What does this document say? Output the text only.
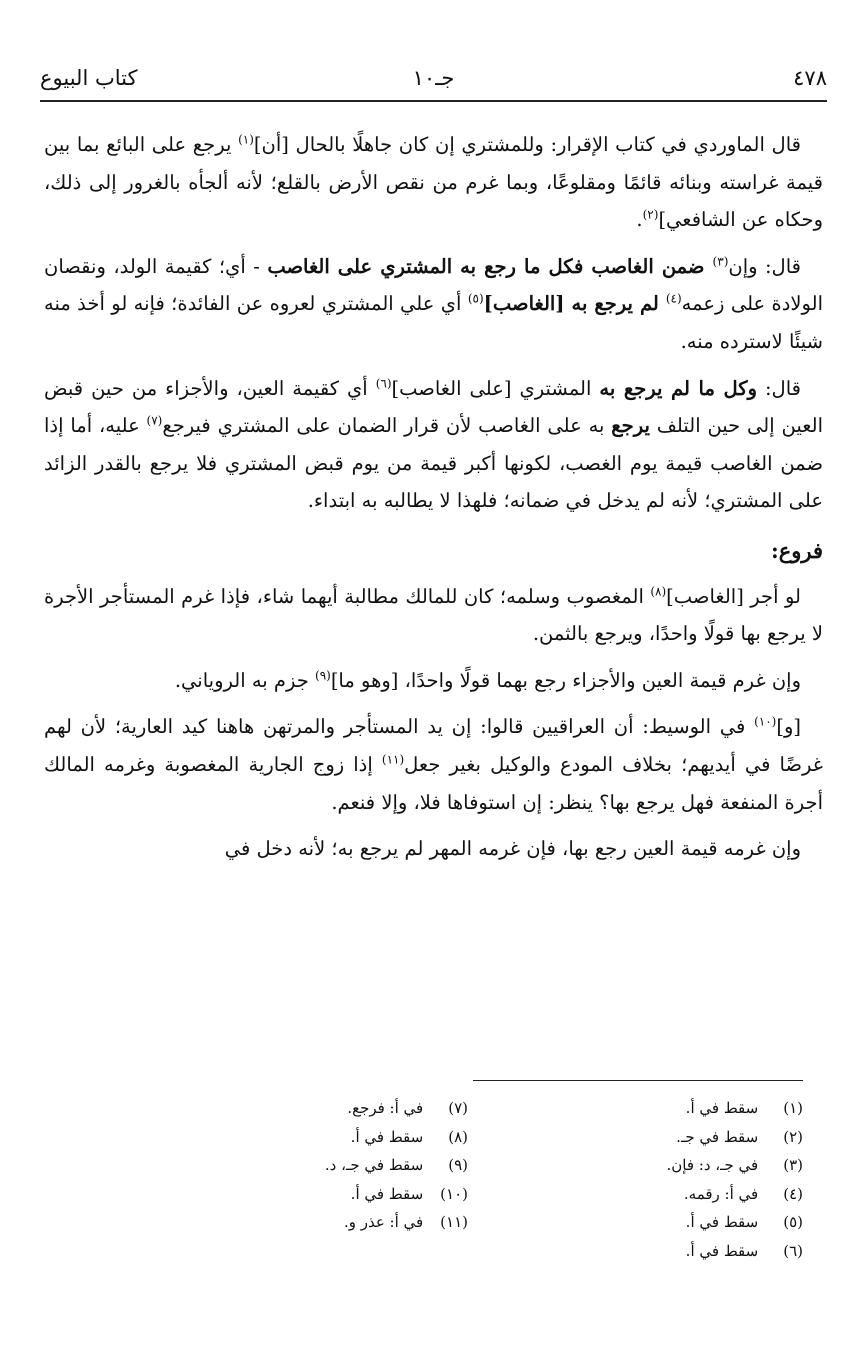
٤٧٨
جـ١٠
كتاب البيوع

قال الماوردي في كتاب الإقرار: وللمشتري إن كان جاهلًا بالحال [أن]$^{(١)}$ يرجع على البائع بما بين قيمة غراسته وبنائه قائمًا ومقلوعًا، وبما غرم من نقص الأرض بالقلع؛ لأنه ألجأه بالغرور إلى ذلك، وحكاه عن الشافعي]$^{(٢)}$.

قال: وإن$^{(٣)}$ ضمن الغاصب فكل ما رجع به المشتري على الغاصب - أي؛ كقيمة الولد، ونقصان الولادة على زعمه$^{(٤)}$ لم يرجع به [الغاصب]$^{(٥)}$ أي علي المشتري لعروه عن الفائدة؛ فإنه لو أخذ منه شيئًا لاسترده منه.

قال: وكل ما لم يرجع به المشتري [على الغاصب]$^{(٦)}$ أي كقيمة العين، والأجزاء من حين قبض العين إلى حين التلف يرجع به على الغاصب لأن قرار الضمان على المشتري فيرجع$^{(٧)}$ عليه، أما إذا ضمن الغاصب قيمة يوم الغصب، لكونها أكبر قيمة من يوم قبض المشتري فلا يرجع بالقدر الزائد على المشتري؛ لأنه لم يدخل في ضمانه؛ فلهذا لا يطالبه به ابتداء.

فروع:

لو أجر [الغاصب]$^{(٨)}$ المغصوب وسلمه؛ كان للمالك مطالبة أيهما شاء، فإذا غرم المستأجر الأجرة لا يرجع بها قولًا واحدًا، ويرجع بالثمن.

وإن غرم قيمة العين والأجزاء رجع بهما قولًا واحدًا، [وهو ما]$^{(٩)}$ جزم به الروياني.

[و]$^{(١٠)}$ في الوسيط: أن العراقيين قالوا: إن يد المستأجر والمرتهن هاهنا كيد العارية؛ لأن لهم غرضًا في أيديهم؛ بخلاف المودع والوكيل بغير جعل$^{(١١)}$ إذا زوج الجارية المغصوبة وغرمه المالك أجرة المنفعة فهل يرجع بها؟ ينظر: إن استوفاها فلا، وإلا فنعم.

وإن غرمه قيمة العين رجع بها، فإن غرمه المهر لم يرجع به؛ لأنه دخل في

(١) سقط في أ.
(٢) سقط في جـ.
(٣) في جـ، د: فإن.
(٤) في أ: رقمه.
(٥) سقط في أ.
(٦) سقط في أ.
(٧) في أ: فرجع.
(٨) سقط في أ.
(٩) سقط في جـ، د.
(١٠) سقط في أ.
(١١) في أ: عذر و.
